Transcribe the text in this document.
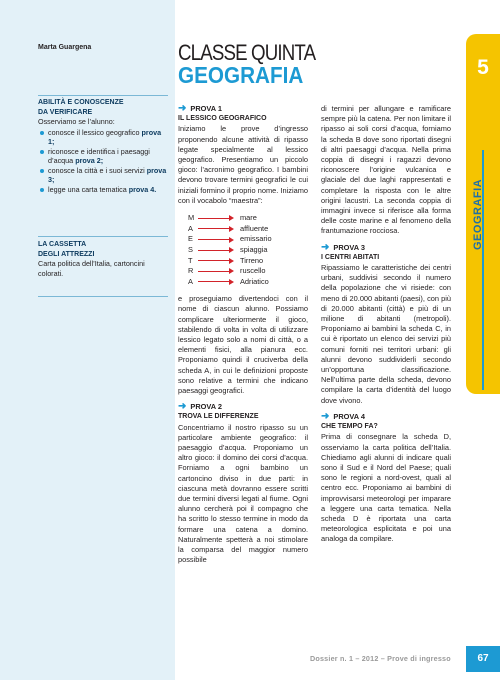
Marta Guargena
ABILITÀ E CONOSCENZE
DA VERIFICARE
Osserviamo se l’alunno:
conosce il lessico geografico prova 1;
riconosce e identifica i paesaggi d’acqua prova 2;
conosce la città e i suoi servizi prova 3;
legge una carta tematica prova 4.
LA CASSETTA
DEGLI ATTREZZI
Carta politica dell’Italia, cartoncini colorati.
CLASSE QUINTA
GEOGRAFIA	5
GEOGRAFIA
➜ PROVA 1
IL LESSICO GEOGRAFICO

Iniziamo le prove d’ingresso proponendo alcune attività di ripasso legate specialmente al lessico geografico. Presentiamo un piccolo gioco: l’acronimo geografico. I bambini devono trovare termini geografici le cui iniziali formino il proprio nome. Iniziamo con il vocabolo “maestra”:

M	mare
A	affluente
E	emissario
S	spiaggia
T	Tirreno
R	ruscello
A	Adriatico

e proseguiamo divertendoci con il nome di ciascun alunno. Possiamo complicare ulteriormente il gioco, stabilendo di volta in volta di utilizzare lessico legato solo a nomi di città, o a elementi fisici, alla pianura ecc. Proponiamo quindi il cruciverba della scheda A, in cui le definizioni proposte sono relative a termini che indicano paesaggi geografici.

➜ PROVA 2
TROVA LE DIFFERENZE

Concentriamo il nostro ripasso su un particolare ambiente geografico: il paesaggio d’acqua. Proponiamo un altro gioco: il domino dei corsi d’acqua. Forniamo a ogni bambino un cartoncino diviso in due parti: in ciascuna metà dovranno essere scritti due termini diversi legati al fiume. Ogni alunno cercherà poi il compagno che ha scritto lo stesso termine in modo da formare una catena a domino. Naturalmente spetterà a noi stimolare la comparsa del maggior numero possibile

di termini per allungare e ramificare sempre più la catena. Per non limitare il ripasso ai soli corsi d’acqua, forniamo la scheda B dove sono riportati disegni di altri paesaggi d’acqua. Nella prima coppia di disegni i ragazzi devono riconoscere l’origine vulcanica e glaciale del due laghi rappresentati e completare la risposta con le altre origini lacustri. La seconda coppia di immagini invece si riferisce alla forma delle coste marine e al fenomeno della frantumazione rocciosa.

➜ PROVA 3
I CENTRI ABITATI

Ripassiamo le caratteristiche dei centri urbani, suddivisi secondo il numero della popolazione che vi risiede: con meno di 20.000 abitanti (paesi), con più di 20.000 abitanti (città) e più di un milione di abitanti (metropoli). Proponiamo ai bambini la scheda C, in cui è riportato un elenco dei servizi più comuni forniti nei territori urbani: gli alunni devono suddividerli secondo un’opportuna classificazione. Nell’ultima parte della scheda, devono compilare la carta d’identità del luogo dove vivono.

➜ PROVA 4
CHE TEMPO FA?

Prima di consegnare la scheda D, osserviamo la carta politica dell’Italia. Chiediamo agli alunni di indicare quali sono il Sud e il Nord del Paese; quali sono le regioni a nord-ovest, quali al centro ecc. Proponiamo ai bambini di improvvisarsi meteorologi per imparare a leggere una carta tematica. Nella scheda D è riportata una carta meteorologica esplicitata e poi una analoga da compilare.

Dossier n. 1 – 2012 – Prove di ingresso	67
